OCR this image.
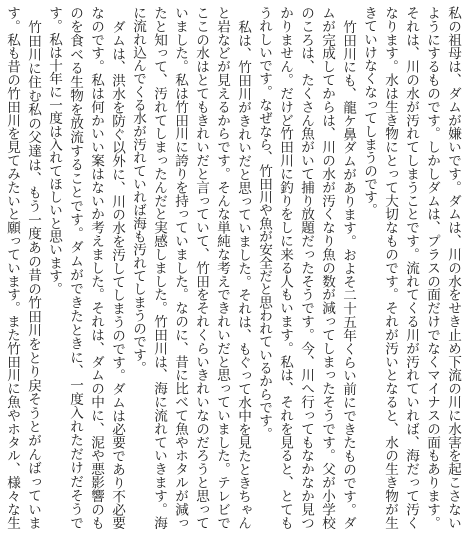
私の祖母は、ダムが嫌いです。ダムは、川の水をせき止め下流の川に水害を起こさないようにするものです。しかしダムは、プラスの面だけでなくマイナスの面もあります。それは、川の水が汚れてしまうことです。流れてくる川が汚れていれば、海だって汚くなります。水は生き物にとって大切なものです。それが汚いとなると、水の生き物が生きていけなくなってしまうのです。

竹田川にも、龍ケ鼻ダムがあります。およそ二十五年くらい前にできたものです。ダムが完成してからは、川の水が汚くなり魚の数が減ってしまったそうです。父が小学校のころは、たくさん魚がいて捕り放題だったそうです。今、川へ行ってもなかなか見つかりません。だけど竹田川に釣りをしに来る人もいます。私は、それを見ると、とてもうれしいです。なぜなら、竹田川や魚が安全だと思われているからです。

私は、竹田川がきれいだと思っていました。それは、もぐって水中を見たときちゃんと岩などが見えるからです。そんな単純な考えできれいだと思っていました。テレビでここの水はとてもきれいだと言っていて、竹田をそれくらいきれいなのだろうと思っていました。私は竹田川に誇りを持っていました。なのに、昔に比べて魚やホタルが減ったと知って、汚れてしまったんだと実感しました。竹田川は、海に流れていきます。海に流れ込んでくる水が汚れていれば海も汚れてしまうのです。

ダムは、洪水を防ぐ以外に、川の水を汚してしまうのです。ダムは必要であり不必要なのです。私は何かいい案はないか考えました。それは、ダムの中に、泥や悪影響のものを食べる生物を放流することです。ダムができたときに、一度入れただけだそうです。私は十年に一度は入れてほしいと思います。

竹田川に住む私の父達は、もう一度あの昔の竹田川をとり戻そうとがんばっています。私も昔の竹田川を見てみたいと願っています。また竹田川に魚やホタル、様々な生
